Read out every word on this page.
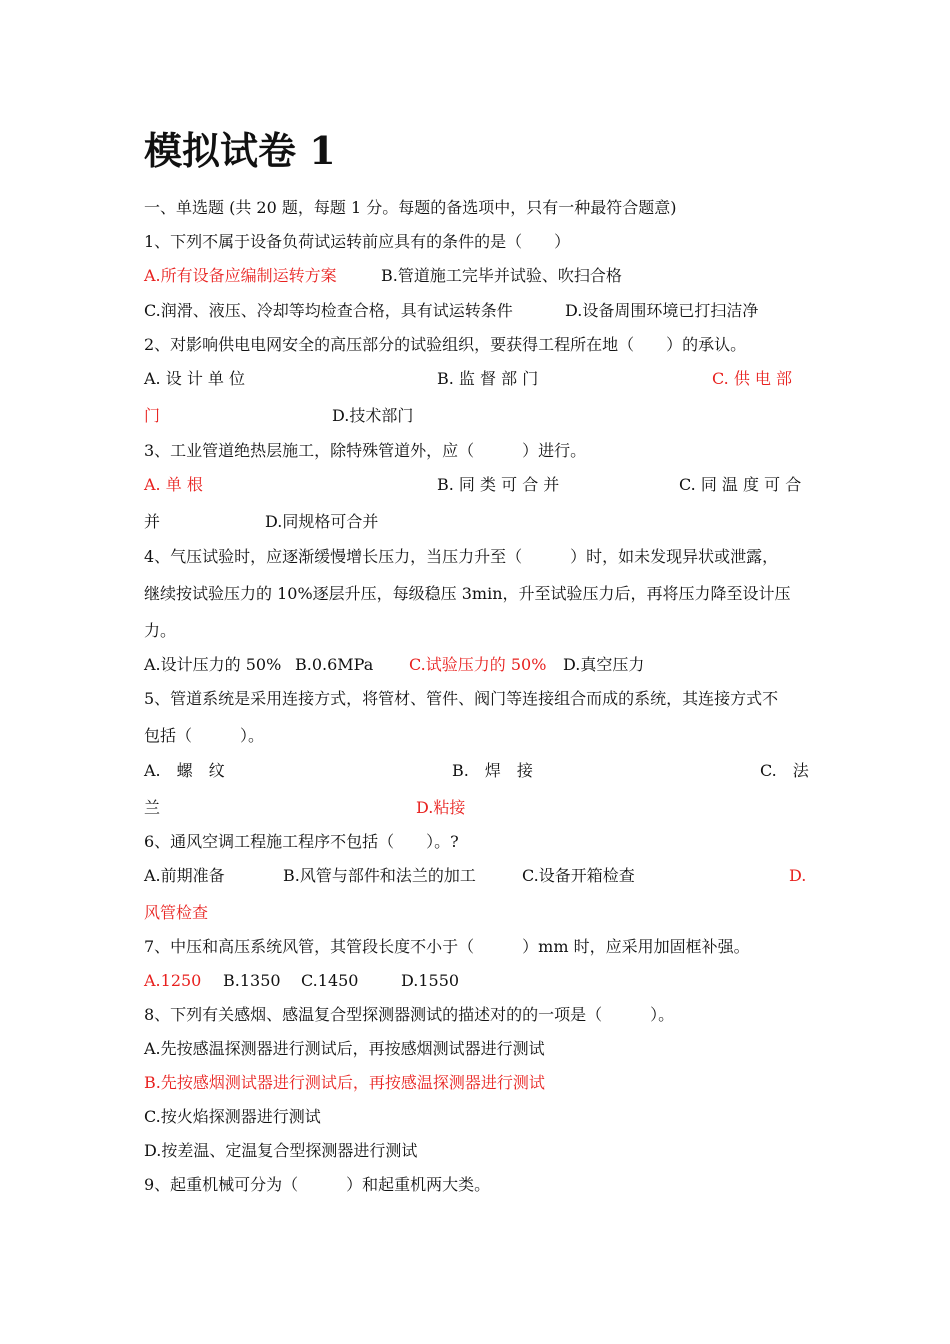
模拟试卷 1
一、单选题 (共 20 题，每题 1 分。每题的备选项中，只有一种最符合题意)
1、下列不属于设备负荷试运转前应具有的条件的是（　　）
A.所有设备应编制运转方案	B.管道施工完毕并试验、吹扫合格
C.润滑、液压、冷却等均检查合格，具有试运转条件	D.设备周围环境已打扫洁净
2、对影响供电电网安全的高压部分的试验组织，要获得工程所在地（　　）的承认。
A. 设 计 单 位	B. 监 督 部 门	C. 供 电 部
门	D.技术部门
3、工业管道绝热层施工，除特殊管道外，应（　　　）进行。
A. 单 根	B. 同 类 可 合 并	C. 同 温 度 可 合
并	D.同规格可合并
4、气压试验时，应逐渐缓慢增长压力，当压力升至（　　　）时，如未发现异状或泄露，
继续按试验压力的 10%逐层升压，每级稳压 3min，升至试验压力后，再将压力降至设计压
力。
A.设计压力的 50% B.0.6MPa C.试验压力的 50% D.真空压力
5、管道系统是采用连接方式，将管材、管件、阀门等连接组合而成的系统，其连接方式不
包括（　　　）。
A.　螺　纹	B.　焊　接	C.　法
兰	D.粘接
6、通风空调工程施工程序不包括（　　）。?
A.前期准备	B.风管与部件和法兰的加工	C.设备开箱检查	D.
风管检查
7、中压和高压系统风管，其管段长度不小于（　　　）mm 时，应采用加固框补强。
A.1250 B.1350 C.1450	D.1550
8、下列有关感烟、感温复合型探测器测试的描述对的的一项是（　　　）。
A.先按感温探测器进行测试后，再按感烟测试器进行测试
B.先按感烟测试器进行测试后，再按感温探测器进行测试
C.按火焰探测器进行测试
D.按差温、定温复合型探测器进行测试
9、起重机械可分为（　　　）和起重机两大类。
